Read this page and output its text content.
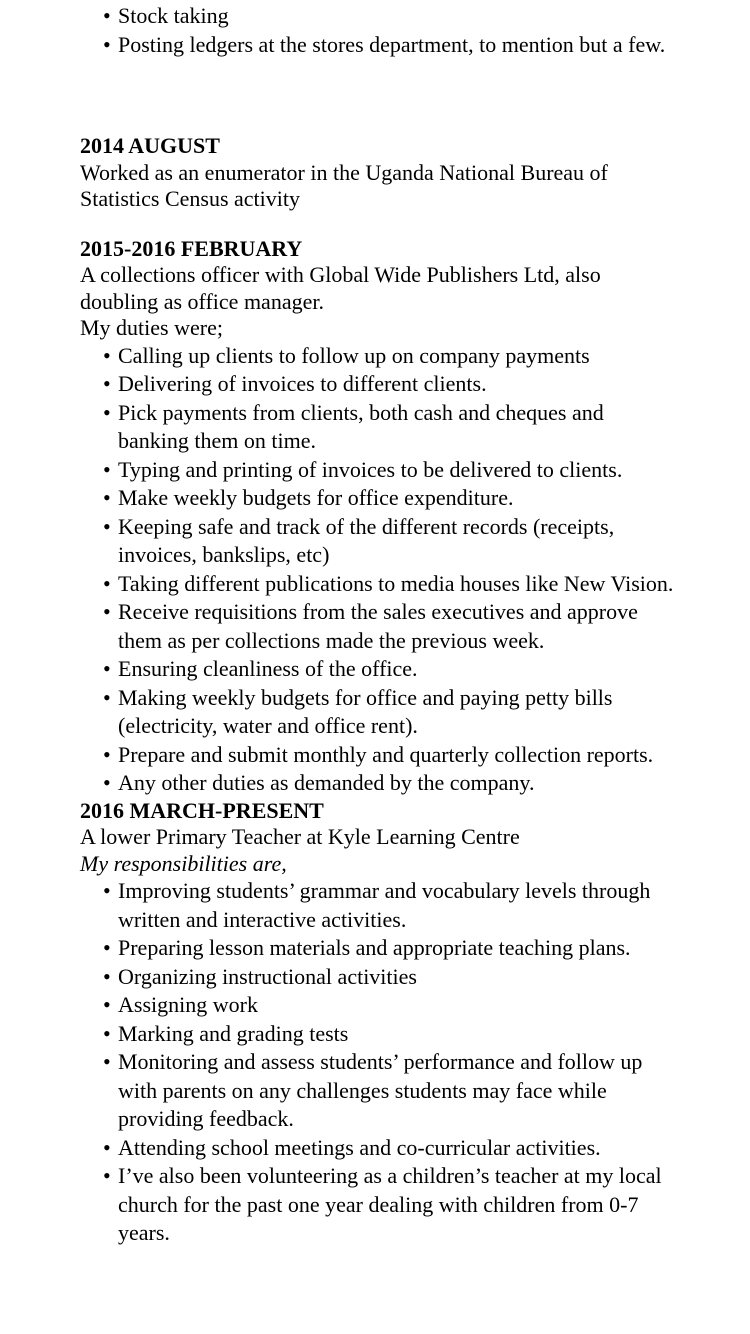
• Stock taking
• Posting ledgers at the stores department, to mention but a few.
2014 AUGUST

Worked as an enumerator in the Uganda National Bureau of Statistics Census activity

2015-2016 FEBRUARY

A collections officer with Global Wide Publishers Ltd, also doubling as office manager.

My duties were;

• Calling up clients to follow up on company payments
• Delivering of invoices to different clients.
• Pick payments from clients, both cash and cheques and banking them on time.
• Typing and printing of invoices to be delivered to clients.
• Make weekly budgets for office expenditure.
• Keeping safe and track of the different records (receipts, invoices, bankslips, etc)
• Taking different publications to media houses like New Vision.
• Receive requisitions from the sales executives and approve them as per collections made the previous week.
• Ensuring cleanliness of the office.
• Making weekly budgets for office and paying petty bills (electricity, water and office rent).
• Prepare and submit monthly and quarterly collection reports.
• Any other duties as demanded by the company.
2016 MARCH-PRESENT

A lower Primary Teacher at Kyle Learning Centre

My responsibilities are,

• Improving students’ grammar and vocabulary levels through written and interactive activities.
• Preparing lesson materials and appropriate teaching plans.
• Organizing instructional activities
• Assigning work
• Marking and grading tests
• Monitoring and assess students’ performance and follow up with parents on any challenges students may face while providing feedback.
• Attending school meetings and co-curricular activities.
• I’ve also been volunteering as a children’s teacher at my local church for the past one year dealing with children from 0-7 years.
